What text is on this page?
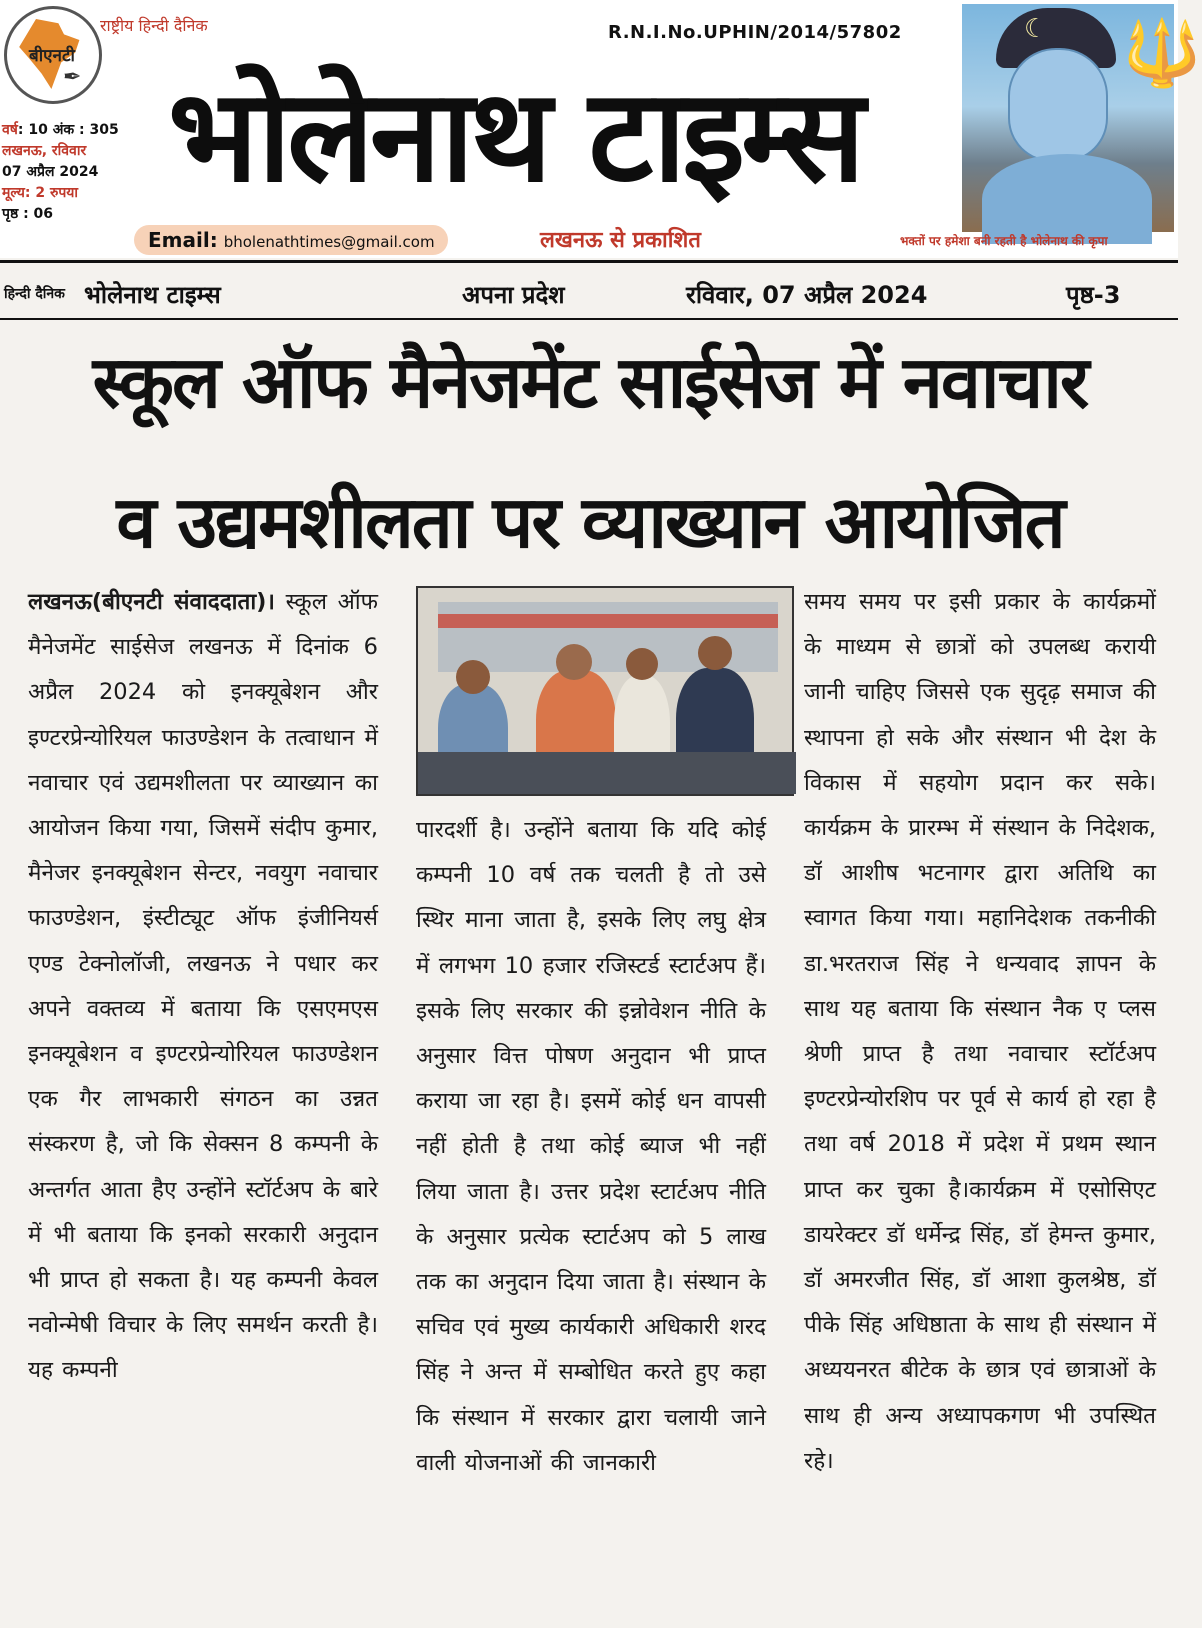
बीएनटी
✒
राष्ट्रीय हिन्दी दैनिक
वर्ष: 10 अंक : 305
लखनऊ, रविवार
07 अप्रैल 2024
मूल्य: 2 रुपया
पृष्ठ : 06
R.N.I.No.UPHIN/2014/57802
भोलेनाथ टाइम्स
Email: bholenathtimes@gmail.com	लखनऊ से प्रकाशित
☾ 🔱
भक्तों पर हमेशा बनी रहती है भोलेनाथ की कृपा
हिन्दी दैनिक भोलेनाथ टाइम्स	अपना प्रदेश	रविवार, 07 अप्रैल 2024	पृष्ठ-3
स्कूल ऑफ मैनेजमेंट साईसेज में नवाचार
व उद्यमशीलता पर व्याख्यान आयोजित
लखनऊ(बीएनटी संवाददाता)। स्कूल ऑफ मैनेजमेंट साईसेज लखनऊ में दिनांक 6 अप्रैल 2024 को इनक्यूबेशन और इण्टरप्रेन्योरियल फाउण्डेशन के तत्वाधान में नवाचार एवं उद्यमशीलता पर व्याख्यान का आयोजन किया गया, जिसमें संदीप कुमार, मैनेजर इनक्यूबेशन सेन्टर, नवयुग नवाचार फाउण्डेशन, इंस्टीट्यूट ऑफ इंजीनियर्स एण्ड टेक्नोलॉजी, लखनऊ ने पधार कर अपने वक्तव्य में बताया कि एसएमएस इनक्यूबेशन व इण्टरप्रेन्योरियल फाउण्डेशन एक गैर लाभकारी संगठन का उन्नत संस्करण है, जो कि सेक्सन 8 कम्पनी के अन्तर्गत आता हैए उन्होंने स्टॉर्टअप के बारे में भी बताया कि इनको सरकारी अनुदान भी प्राप्त हो सकता है। यह कम्पनी केवल नवोन्मेषी विचार के लिए समर्थन करती है। यह कम्पनी
पारदर्शी है। उन्होंने बताया कि यदि कोई कम्पनी 10 वर्ष तक चलती है तो उसे स्थिर माना जाता है, इसके लिए लघु क्षेत्र में लगभग 10 हजार रजिस्टर्ड स्टार्टअप हैं। इसके लिए सरकार की इन्नोवेशन नीति के अनुसार वित्त पोषण अनुदान भी प्राप्त कराया जा रहा है। इसमें कोई धन वापसी नहीं होती है तथा कोई ब्याज भी नहीं लिया जाता है। उत्तर प्रदेश स्टार्टअप नीति के अनुसार प्रत्येक स्टार्टअप को 5 लाख तक का अनुदान दिया जाता है। संस्थान के सचिव एवं मुख्य कार्यकारी अधिकारी शरद सिंह ने अन्त में सम्बोधित करते हुए कहा कि संस्थान में सरकार द्वारा चलायी जाने वाली योजनाओं की जानकारी
समय समय पर इसी प्रकार के कार्यक्रमों के माध्यम से छात्रों को उपलब्ध करायी जानी चाहिए जिससे एक सुदृढ़ समाज की स्थापना हो सके और संस्थान भी देश के विकास में सहयोग प्रदान कर सके। कार्यक्रम के प्रारम्भ में संस्थान के निदेशक, डॉ आशीष भटनागर द्वारा अतिथि का स्वागत किया गया। महानिदेशक तकनीकी डा.भरतराज सिंह ने धन्यवाद ज्ञापन के साथ यह बताया कि संस्थान नैक ए प्लस श्रेणी प्राप्त है तथा नवाचार स्टॉर्टअप इण्टरप्रेन्योरशिप पर पूर्व से कार्य हो रहा है तथा वर्ष 2018 में प्रदेश में प्रथम स्थान प्राप्त कर चुका है।कार्यक्रम में एसोसिएट डायरेक्टर डॉ धर्मेन्द्र सिंह, डॉ हेमन्त कुमार, डॉ अमरजीत सिंह, डॉ आशा कुलश्रेष्ठ, डॉ पीके सिंह अधिष्ठाता के साथ ही संस्थान में अध्ययनरत बीटेक के छात्र एवं छात्राओं के साथ ही अन्य अध्यापकगण भी उपस्थित रहे।
